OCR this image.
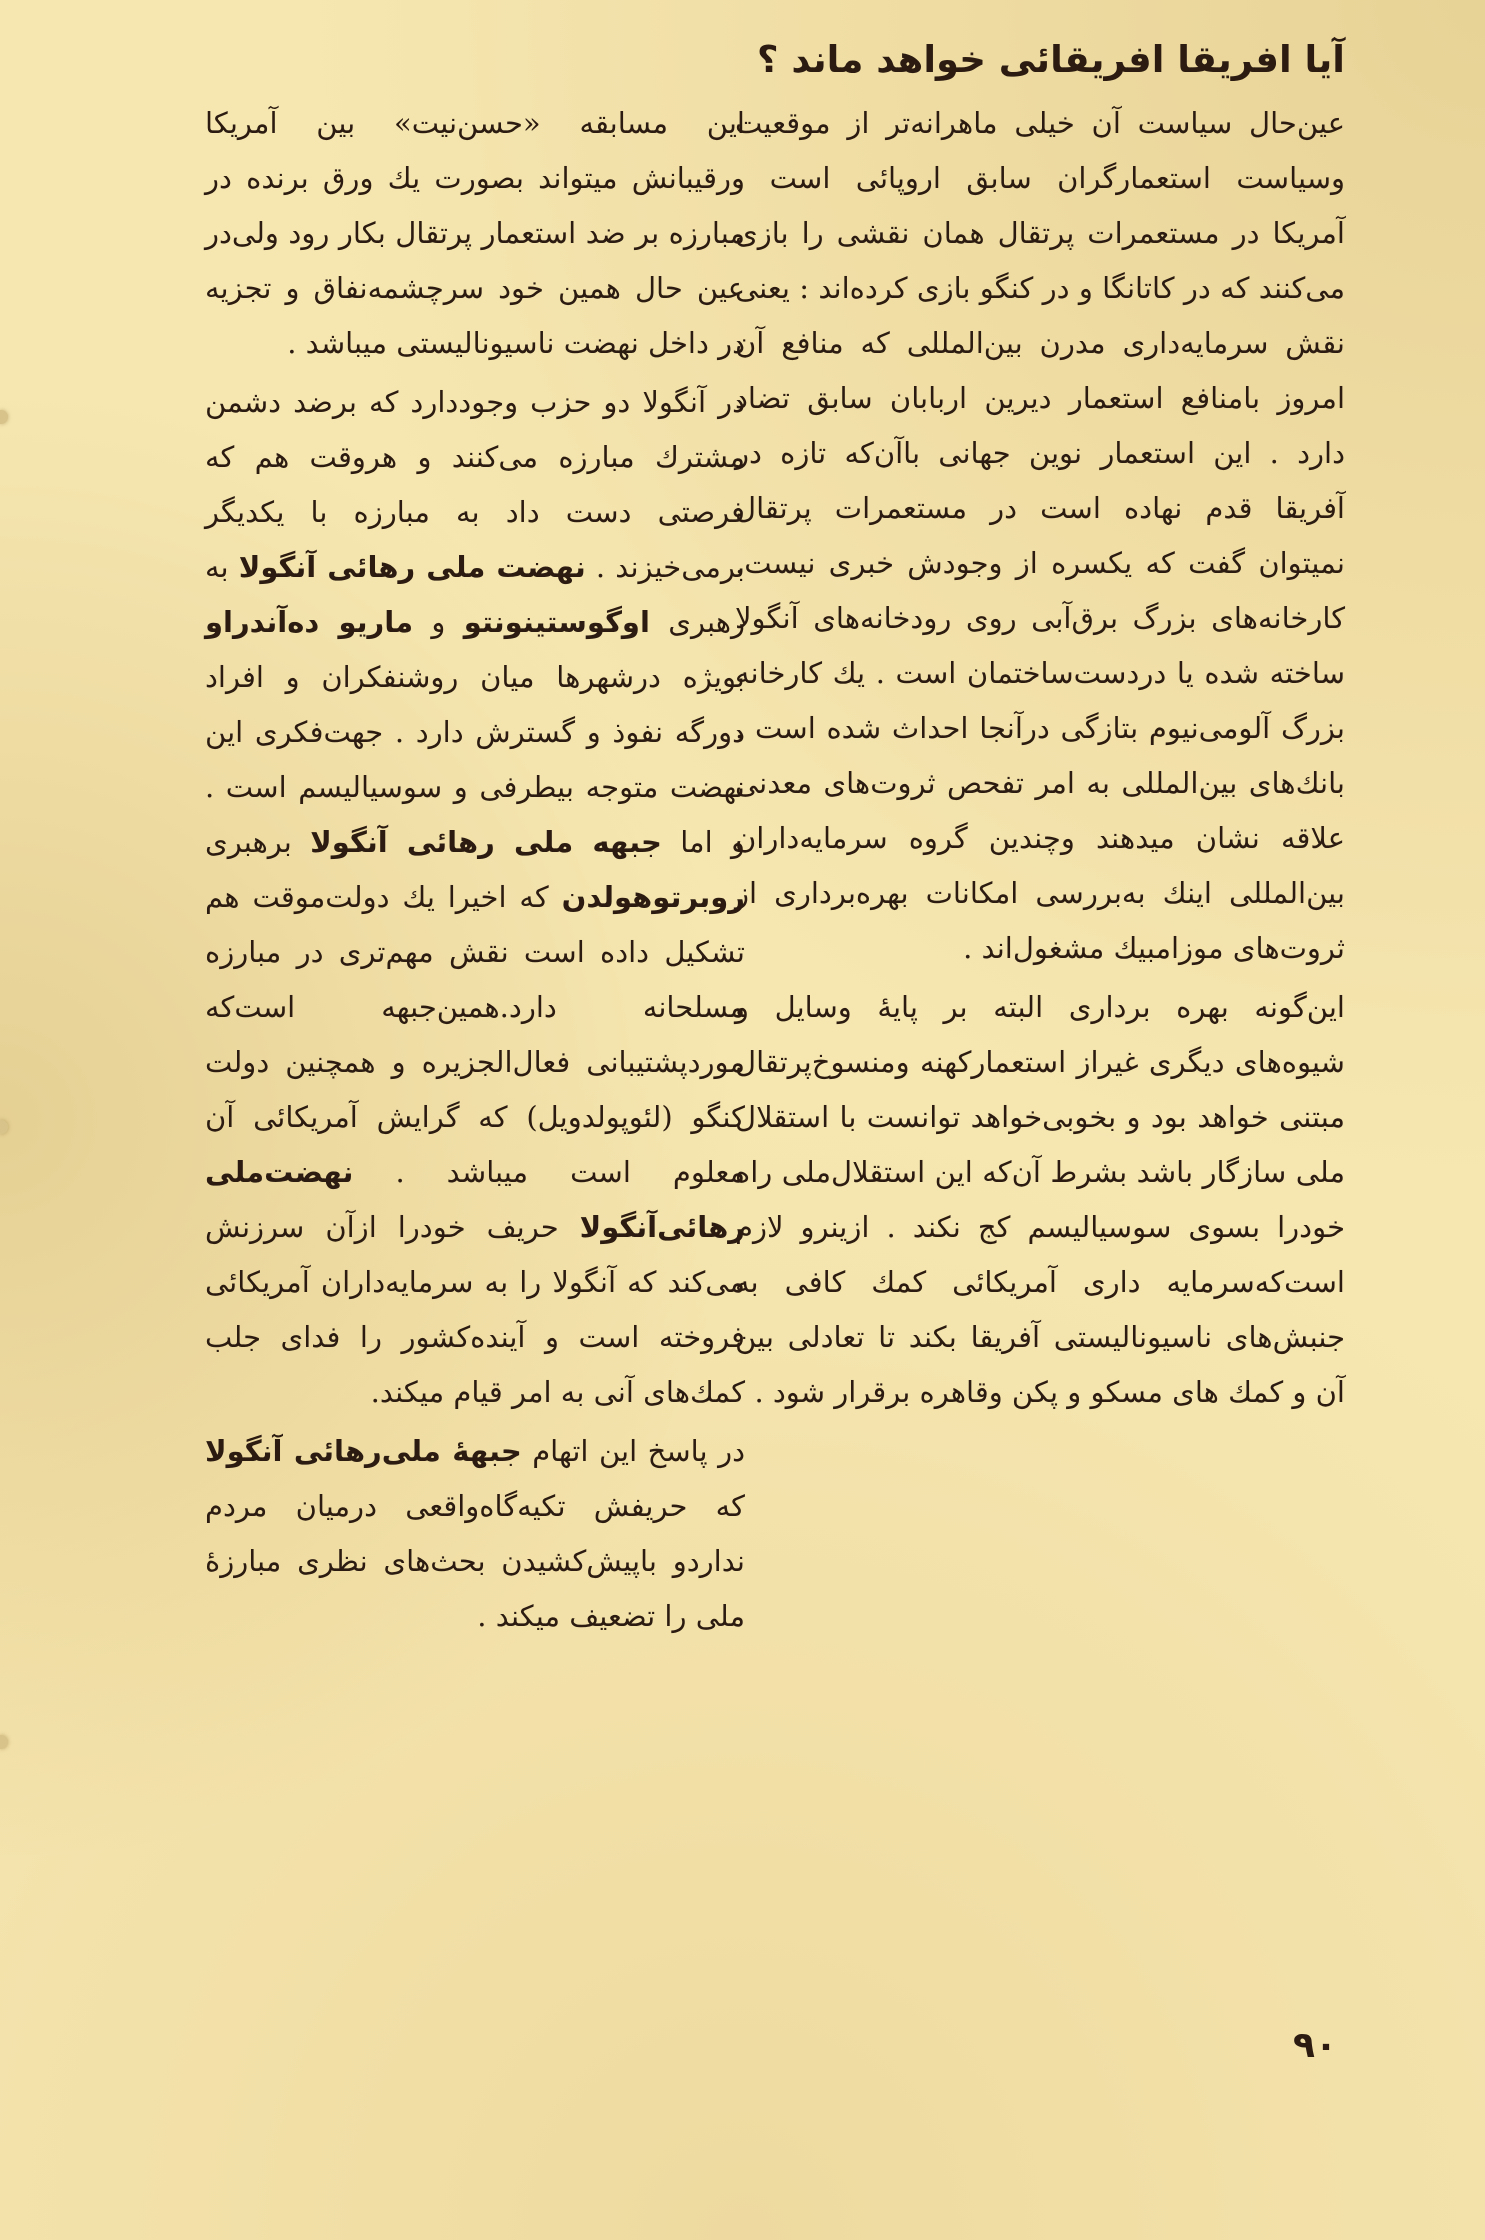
آیا افریقا افریقائی خواهد ماند ؟

عین‌حال سیاست آن خیلی ماهرانه‌تر از موقعیت وسیاست استعمارگران سابق اروپائی است . آمریکا در مستعمرات پرتقال همان نقشی را بازی می‌کنند که در کاتانگا و در کنگو بازی کرده‌اند : یعنی نقش سرمایه‌داری مدرن بین‌المللی که منافع آن امروز بامنافع استعمار دیرین اربابان سابق تضاد دارد . این استعمار نوین جهانی باآن‌که تازه در آفریقا قدم نهاده است در مستعمرات پرتقال نمیتوان گفت که یکسره از وجودش خبری نیست. کارخانه‌های بزرگ برق‌آبی روی رودخانه‌های آنگولا ساخته شده یا دردست‌ساختمان است . یك کارخانه بزرگ آلومی‌نیوم بتازگی درآنجا احداث شده است . بانك‌های بین‌المللی به امر تفحص ثروت‌های معدنی علاقه نشان میدهند وچندین گروه سرمایه‌داران بین‌المللی اینك به‌بررسی امکانات بهره‌برداری از ثروت‌های موزامبیك مشغول‌اند .

این‌گونه بهره برداری البته بر پایهٔ وسایل و شیوه‌های دیگری غیراز استعمارکهنه ومنسوخ‌پرتقال مبتنی خواهد بود و بخوبی‌خواهد توانست با استقلال ملی سازگار باشد بشرط آن‌که این استقلال‌ملی راه خودرا بسوی سوسیالیسم کج نکند . ازینرو لازم است‌که‌سرمایه داری آمریکائی کمك کافی به جنبش‌های ناسیونالیستی آفریقا بکند تا تعادلی بین آن و کمك های مسکو و پکن وقاهره برقرار شود .

این مسابقه «حسن‌نیت» بین آمریکا ورقیبانش میتواند بصورت یك ورق برنده در مبارزه بر ضد استعمار پرتقال بکار رود ولی‌در عین حال همین خود سرچشمه‌نفاق و تجزیه در داخل نهضت ناسیونالیستی میباشد .

در آنگولا دو حزب وجوددارد که برضد دشمن مشترك مبارزه می‌کنند و هروقت هم که فرصتی دست داد به مبارزه با یکدیگر برمی‌خیزند . نهضت ملی رهائی آنگولا به رهبری اوگوستینو‌نتو و ماریو ده‌آندراو بویژه درشهرها میان روشنفکران و افراد دورگه نفوذ و گسترش دارد . جهت‌فکری این نهضت متوجه بیطرفی و سوسیالیسم است . و اما جبهه ملی رهائی آنگولا برهبری روبرتو‌هولدن که اخیرا یك دولت‌موقت هم تشکیل داده است نقش مهم‌تری در مبارزه مسلحانه دارد.همین‌جبهه است‌که موردپشتیبانی فعال‌الجزیره و همچنین دولت کنگو (لئوپولدویل) که گرایش آمریکائی آن معلوم است میباشد . نهضت‌ملی رهائی‌آنگولا حریف خودرا ازآن سرزنش می‌کند که آنگولا را به سرمایه‌داران آمریکائی فروخته است و آینده‌کشور را فدای جلب کمك‌های آنی به امر قیام میکند.

در پاسخ این اتهام جبههٔ ملی‌رهائی آنگولا که حریفش تکیه‌گاه‌واقعی درمیان مردم ندارد‌و باپیش‌کشیدن بحث‌های نظری مبارزهٔ ملی را تضعیف میکند .

۹۰
